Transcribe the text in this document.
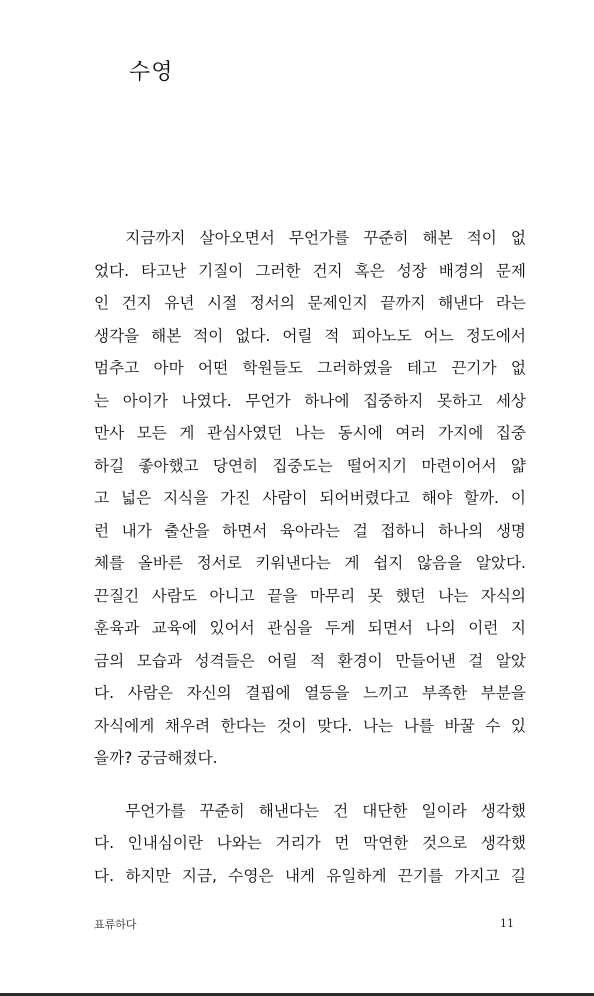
수영
지금까지 살아오면서 무언가를 꾸준히 해본 적이 없
었다. 타고난 기질이 그러한 건지 혹은 성장 배경의 문제
인 건지 유년 시절 정서의 문제인지 끝까지 해낸다 라는
생각을 해본 적이 없다. 어릴 적 피아노도 어느 정도에서
멈추고 아마 어떤 학원들도 그러하였을 테고 끈기가 없
는 아이가 나였다. 무언가 하나에 집중하지 못하고 세상
만사 모든 게 관심사였던 나는 동시에 여러 가지에 집중
하길 좋아했고 당연히 집중도는 떨어지기 마련이어서 얇
고 넓은 지식을 가진 사람이 되어버렸다고 해야 할까. 이
런 내가 출산을 하면서 육아라는 걸 접하니 하나의 생명
체를 올바른 정서로 키워낸다는 게 쉽지 않음을 알았다.
끈질긴 사람도 아니고 끝을 마무리 못 했던 나는 자식의
훈육과 교육에 있어서 관심을 두게 되면서 나의 이런 지
금의 모습과 성격들은 어릴 적 환경이 만들어낸 걸 알았
다. 사람은 자신의 결핍에 열등을 느끼고 부족한 부분을
자식에게 채우려 한다는 것이 맞다. 나는 나를 바꿀 수 있
을까? 궁금해졌다.
무언가를 꾸준히 해낸다는 건 대단한 일이라 생각했
다. 인내심이란 나와는 거리가 먼 막연한 것으로 생각했
다. 하지만 지금, 수영은 내게 유일하게 끈기를 가지고 길
표류하다	11
